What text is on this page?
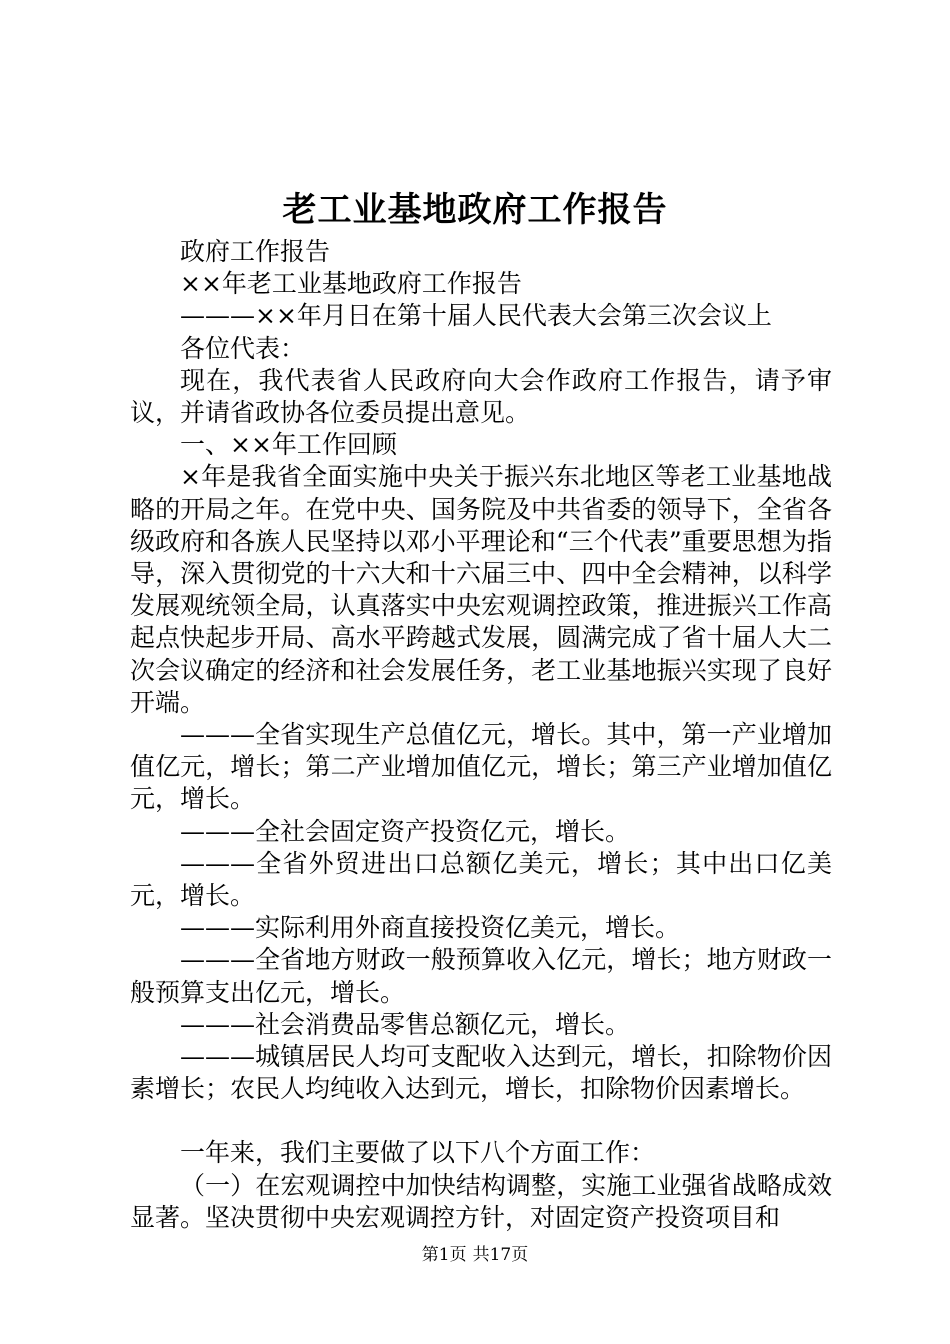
老工业基地政府工作报告

政府工作报告

××年老工业基地政府工作报告

———××年月日在第十届人民代表大会第三次会议上

各位代表：

现在，我代表省人民政府向大会作政府工作报告，请予审议，并请省政协各位委员提出意见。

一、××年工作回顾

×年是我省全面实施中央关于振兴东北地区等老工业基地战略的开局之年。在党中央、国务院及中共省委的领导下，全省各级政府和各族人民坚持以邓小平理论和“三个代表”重要思想为指导，深入贯彻党的十六大和十六届三中、四中全会精神，以科学发展观统领全局，认真落实中央宏观调控政策，推进振兴工作高起点快起步开局、高水平跨越式发展，圆满完成了省十届人大二次会议确定的经济和社会发展任务，老工业基地振兴实现了良好开端。

———全省实现生产总值亿元，增长。其中，第一产业增加值亿元，增长；第二产业增加值亿元，增长；第三产业增加值亿元，增长。

———全社会固定资产投资亿元，增长。

———全省外贸进出口总额亿美元，增长；其中出口亿美元，增长。

———实际利用外商直接投资亿美元，增长。

———全省地方财政一般预算收入亿元，增长；地方财政一般预算支出亿元，增长。

———社会消费品零售总额亿元，增长。

———城镇居民人均可支配收入达到元，增长，扣除物价因素增长；农民人均纯收入达到元，增长，扣除物价因素增长。

一年来，我们主要做了以下八个方面工作：

（一）在宏观调控中加快结构调整，实施工业强省战略成效显著。坚决贯彻中央宏观调控方针，对固定资产投资项目和

第1页 共17页
